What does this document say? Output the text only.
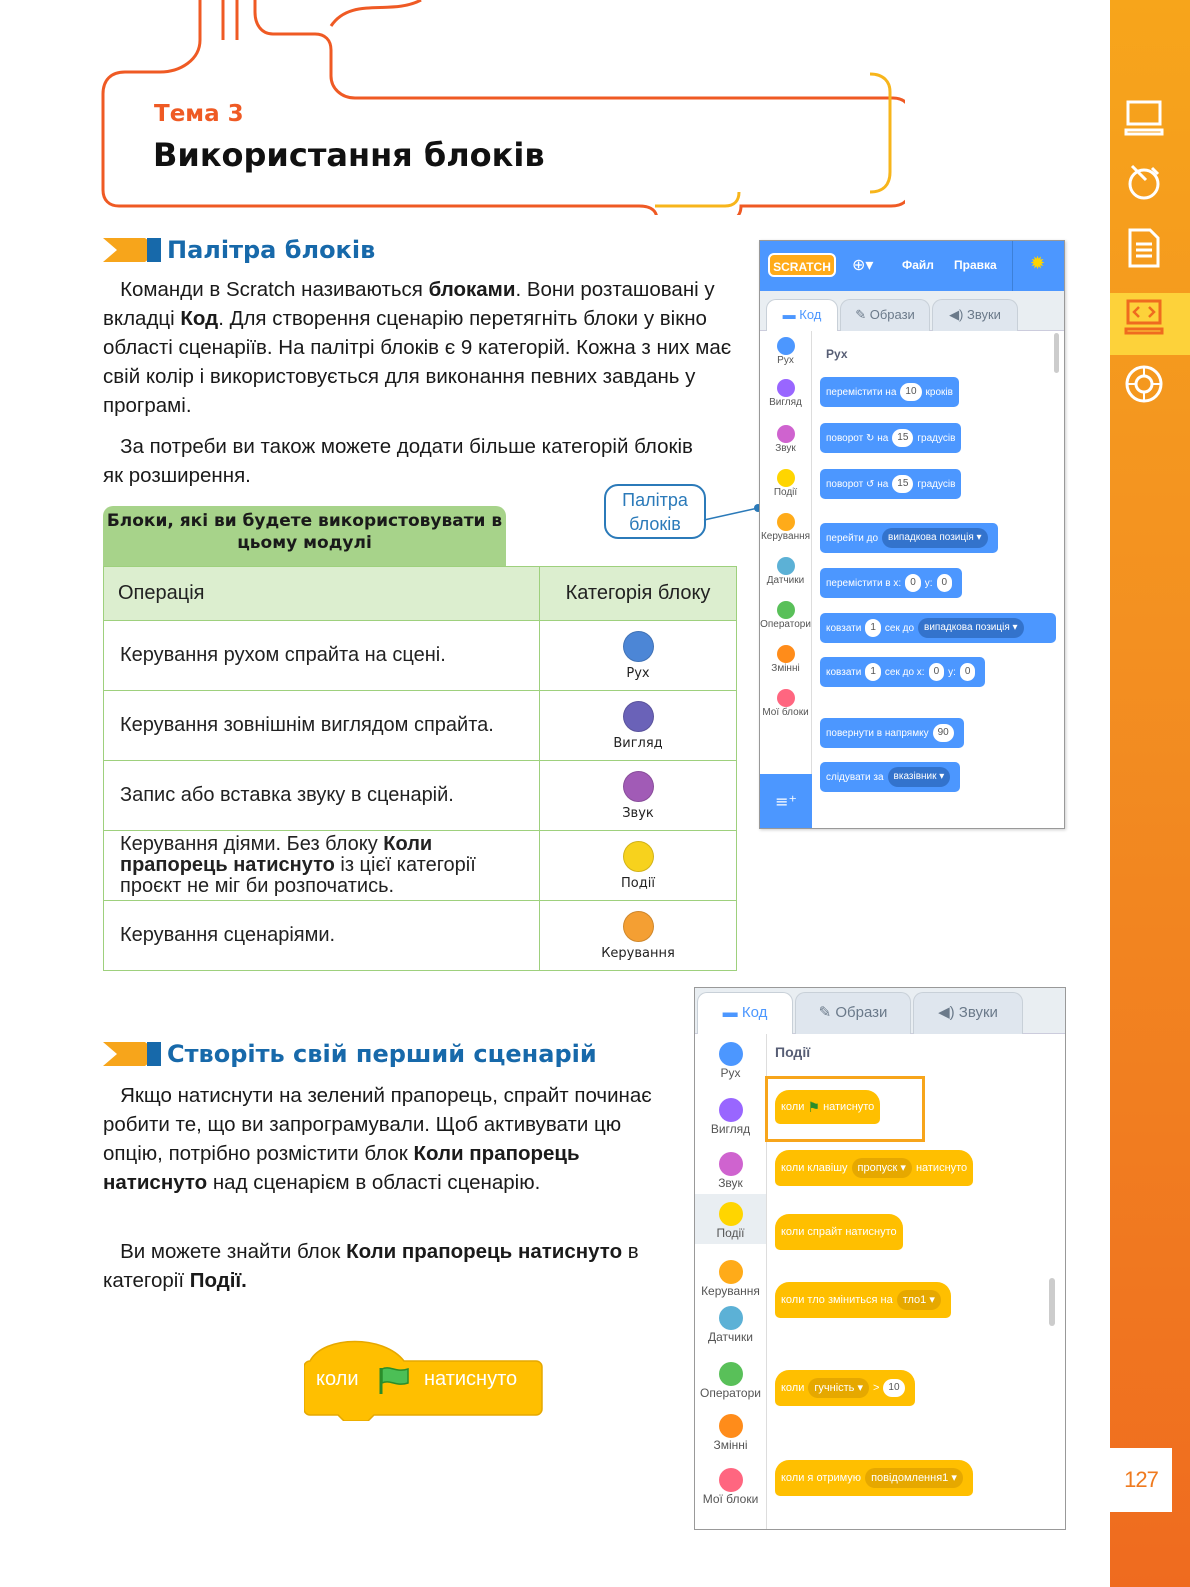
127
Тема 3
Використання блоків
Палітра блоків

Команди в Scratch називаються блоками. Вони розташовані у вкладці Код. Для створення сценарію перетягніть блоки у вікно області сценаріїв. На палітрі блоків є 9 категорій. Кожна з них має свій колір і використовується для виконання певних завдань у програмі.

За потреби ви також можете додати більше категорій блоків як розширення.

Палітра
блоків
Блоки, які ви будете використовувати в цьому модулі
Операція	Категорія блоку
Керування рухом спрайта на сцені.	Рух

Керування зовнішнім виглядом спрайта.	Вигляд

Запис або вставка звуку в сценарій.	Звук

Керування діями. Без блоку Коли прапорець натиснуто із цієї категорії проєкт не міг би розпочатись.	Події

Керування сценаріями.	Керування
SCRATCH	⊕▾ Файл Правка ✹
▬ Код	✎ Образи	◀) Звуки
Рух
Вигляд
Звук
Події
Керування
Датчики
Оператори
Змінні
Мої блоки
≡⁺
Рух
перемістити на 10 кроків
поворот
↻
на 15 градусів
поворот
↺
на 15 градусів
перейти до	випадкова позиція ▾
перемістити в x: 0 y: 0
ковзати 1 сек до	випадкова позиція ▾
ковзати 1 сек до x: 0 y: 0
повернути в напрямку 90
слідувати за	вказівник ▾
Створіть свій перший сценарій

Якщо натиснути на зелений прапорець, спрайт починає робити те, що ви запрограмували. Щоб активувати цю опцію, потрібно розмістити блок Коли прапорець натиснуто над сценарієм в області сценарію.

Ви можете знайти блок Коли прапорець натиснуто в категорії Події.

коли	натиснуто
▬ Код	✎ Образи	◀) Звуки
Рух
Вигляд
Звук
Події
Керування
Датчики
Оператори
Змінні
Мої блоки
Події
коли
⚑
натиснуто
коли клавішу пропуск ▾ натиснуто
коли спрайт натиснуто
коли тло зміниться на тло1 ▾
коли гучність ▾ > 10
коли я отримую повідомлення1 ▾
